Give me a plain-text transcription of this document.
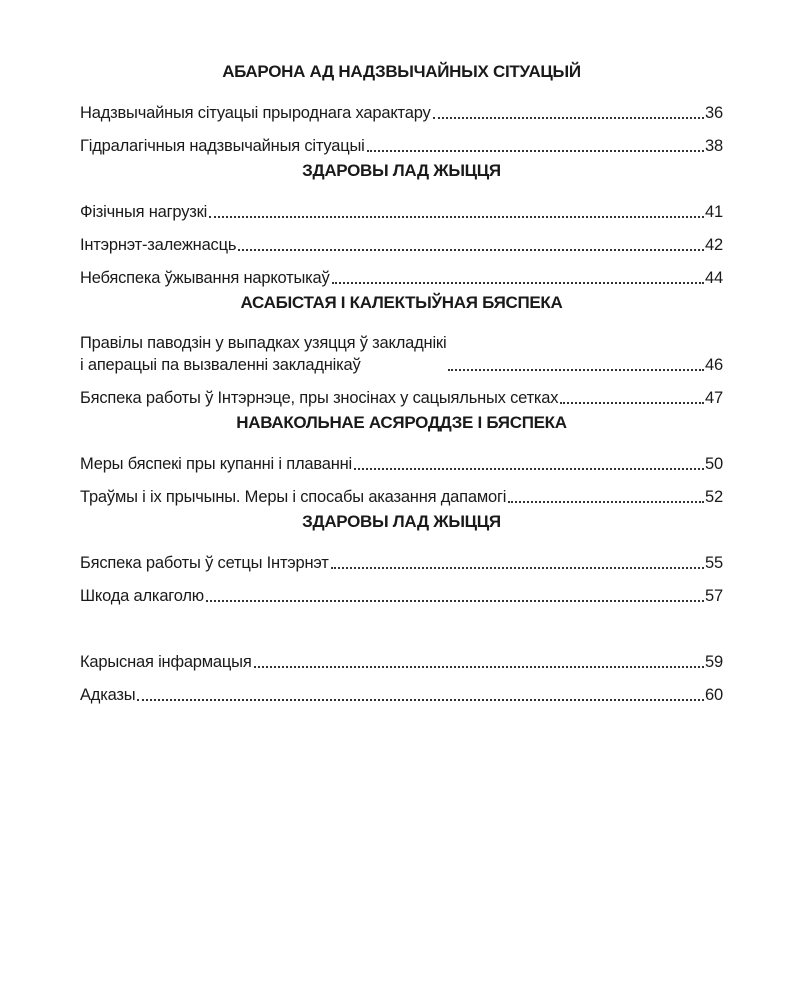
АБАРОНА АД НАДЗВЫЧАЙНЫХ СІТУАЦЫЙ
Надзвычайныя сітуацыі прыроднага характару	36
Гідралагічныя надзвычайныя сітуацыі	38
ЗДАРОВЫ ЛАД ЖЫЦЦЯ
Фізічныя нагрузкі	41
Інтэрнэт-залежнасць	42
Небяспека ўжывання наркотыкаў	44
АСАБІСТАЯ І КАЛЕКТЫЎНАЯ БЯСПЕКА
Правілы паводзін у выпадках узяцця ў закладнікі
і аперацыі па вызваленні закладнікаў	46
Бяспека работы ў Інтэрнэце, пры зносінах у сацыяльных сетках	47
НАВАКОЛЬНАЕ АСЯРОДДЗЕ І БЯСПЕКА
Меры бяспекі пры купанні і плаванні	50
Траўмы і іх прычыны. Меры і спосабы аказання дапамогі	52
ЗДАРОВЫ ЛАД ЖЫЦЦЯ
Бяспека работы ў сетцы Інтэрнэт	55
Шкода алкаголю	57
Карысная інфармацыя	59
Адказы	60
